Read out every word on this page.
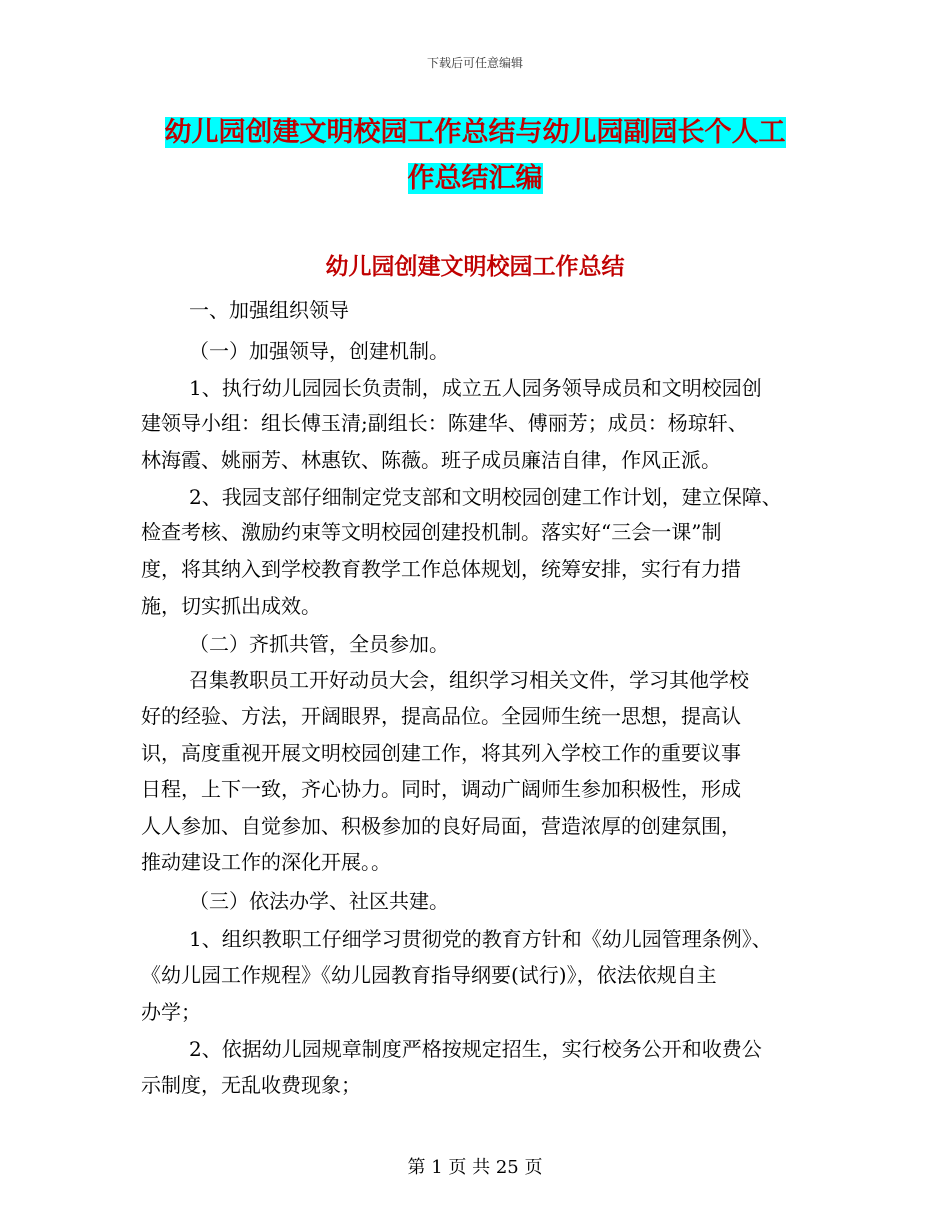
下载后可任意编辑
幼儿园创建文明校园工作总结与幼儿园副园长个人工
作总结汇编
幼儿园创建文明校园工作总结
一、加强组织领导
（一）加强领导，创建机制。
1、执行幼儿园园长负责制，成立五人园务领导成员和文明校园创
建领导小组：组长傅玉清;副组长：陈建华、傅丽芳；成员：杨琼轩、
林海霞、姚丽芳、林惠钦、陈薇。班子成员廉洁自律，作风正派。
2、我园支部仔细制定党支部和文明校园创建工作计划，建立保障、
检查考核、激励约束等文明校园创建投机制。落实好“三会一课”制
度，将其纳入到学校教育教学工作总体规划，统筹安排，实行有力措
施，切实抓出成效。
（二）齐抓共管，全员参加。
召集教职员工开好动员大会，组织学习相关文件，学习其他学校
好的经验、方法，开阔眼界，提高品位。全园师生统一思想，提高认
识，高度重视开展文明校园创建工作，将其列入学校工作的重要议事
日程，上下一致，齐心协力。同时，调动广阔师生参加积极性，形成
人人参加、自觉参加、积极参加的良好局面，营造浓厚的创建氛围，
推动建设工作的深化开展。。
（三）依法办学、社区共建。
1、组织教职工仔细学习贯彻党的教育方针和《幼儿园管理条例》、
《幼儿园工作规程》《幼儿园教育指导纲要(试行)》，依法依规自主
办学；
2、依据幼儿园规章制度严格按规定招生，实行校务公开和收费公
示制度，无乱收费现象；
第 1 页 共 25 页
